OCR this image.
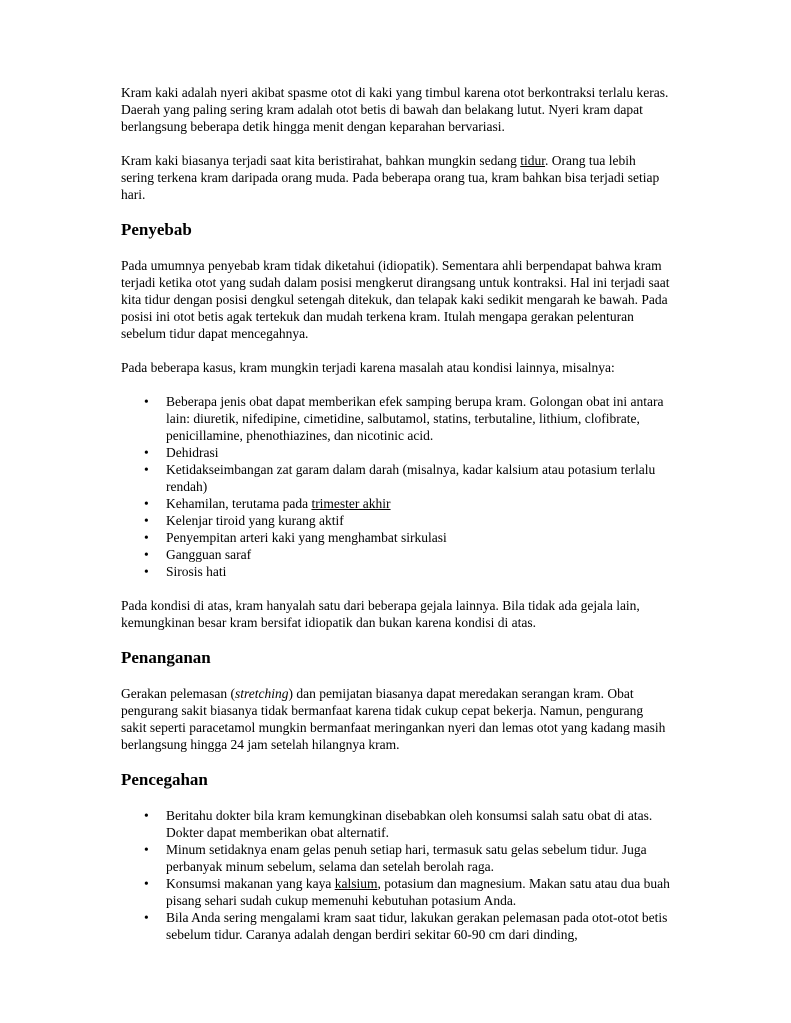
Kram kaki adalah nyeri akibat spasme otot di kaki yang timbul karena otot berkontraksi terlalu keras. Daerah yang paling sering kram adalah otot betis di bawah dan belakang lutut. Nyeri kram dapat berlangsung beberapa detik hingga menit dengan keparahan bervariasi.

Kram kaki biasanya terjadi saat kita beristirahat, bahkan mungkin sedang tidur. Orang tua lebih sering terkena kram daripada orang muda. Pada beberapa orang tua, kram bahkan bisa terjadi setiap hari.

Penyebab

Pada umumnya penyebab kram tidak diketahui (idiopatik). Sementara ahli berpendapat bahwa kram terjadi ketika otot yang sudah dalam posisi mengkerut dirangsang untuk kontraksi. Hal ini terjadi saat kita tidur dengan posisi dengkul setengah ditekuk, dan telapak kaki sedikit mengarah ke bawah. Pada posisi ini otot betis agak tertekuk dan mudah terkena kram. Itulah mengapa gerakan pelenturan sebelum tidur dapat mencegahnya.

Pada beberapa kasus, kram mungkin terjadi karena masalah atau kondisi lainnya, misalnya:

• Beberapa jenis obat dapat memberikan efek samping berupa kram. Golongan obat ini antara lain: diuretik, nifedipine, cimetidine, salbutamol, statins, terbutaline, lithium, clofibrate, penicillamine, phenothiazines, dan nicotinic acid.
• Dehidrasi
• Ketidakseimbangan zat garam dalam darah (misalnya, kadar kalsium atau potasium terlalu rendah)
• Kehamilan, terutama pada trimester akhir
• Kelenjar tiroid yang kurang aktif
• Penyempitan arteri kaki yang menghambat sirkulasi
• Gangguan saraf
• Sirosis hati

Pada kondisi di atas, kram hanyalah satu dari beberapa gejala lainnya. Bila tidak ada gejala lain, kemungkinan besar kram bersifat idiopatik dan bukan karena kondisi di atas.

Penanganan

Gerakan pelemasan (stretching) dan pemijatan biasanya dapat meredakan serangan kram. Obat pengurang sakit biasanya tidak bermanfaat karena tidak cukup cepat bekerja. Namun, pengurang sakit seperti paracetamol mungkin bermanfaat meringankan nyeri dan lemas otot yang kadang masih berlangsung hingga 24 jam setelah hilangnya kram.

Pencegahan
• Beritahu dokter bila kram kemungkinan disebabkan oleh konsumsi salah satu obat di atas. Dokter dapat memberikan obat alternatif.
• Minum setidaknya enam gelas penuh setiap hari, termasuk satu gelas sebelum tidur. Juga perbanyak minum sebelum, selama dan setelah berolah raga.
• Konsumsi makanan yang kaya kalsium, potasium dan magnesium. Makan satu atau dua buah pisang sehari sudah cukup memenuhi kebutuhan potasium Anda.
• Bila Anda sering mengalami kram saat tidur, lakukan gerakan pelemasan pada otot-otot betis sebelum tidur. Caranya adalah dengan berdiri sekitar 60-90 cm dari dinding,
